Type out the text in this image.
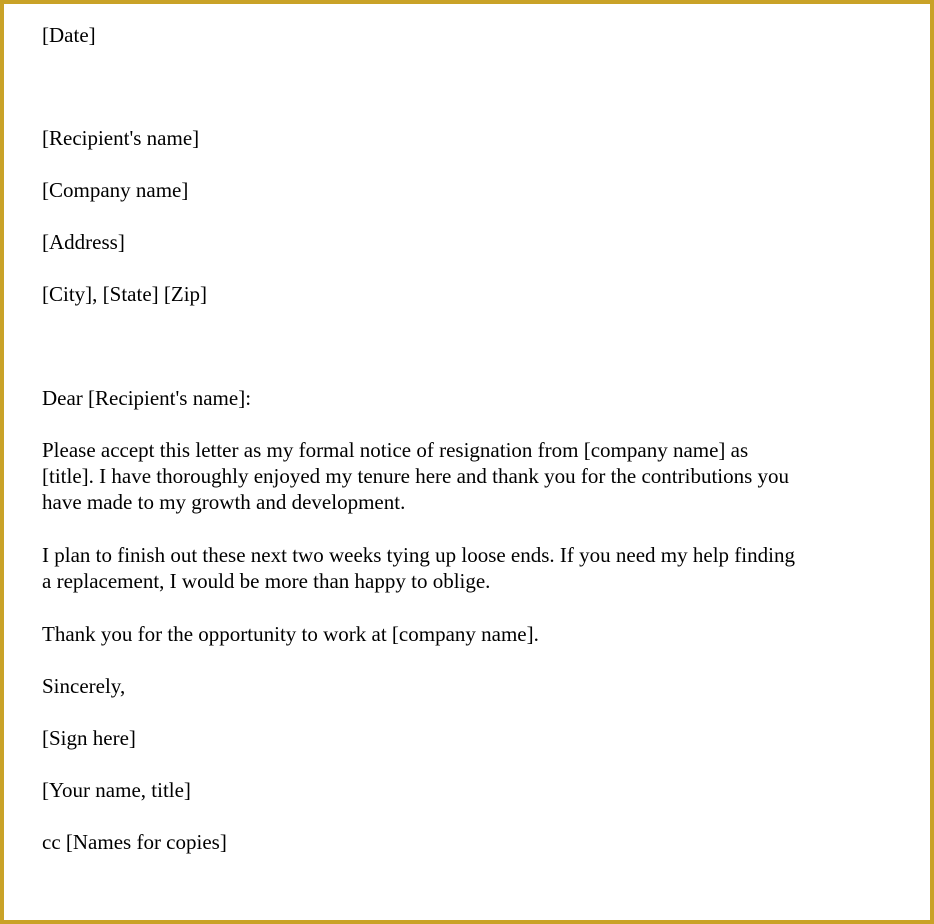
[Date]
[Recipient's name]
[Company name]
[Address]
[City], [State] [Zip]
Dear [Recipient's name]:
Please accept this letter as my formal notice of resignation from [company name] as
[title]. I have thoroughly enjoyed my tenure here and thank you for the contributions you
have made to my growth and development.
I plan to finish out these next two weeks tying up loose ends. If you need my help finding
a replacement, I would be more than happy to oblige.
Thank you for the opportunity to work at [company name].
Sincerely,
[Sign here]
[Your name, title]
cc [Names for copies]
